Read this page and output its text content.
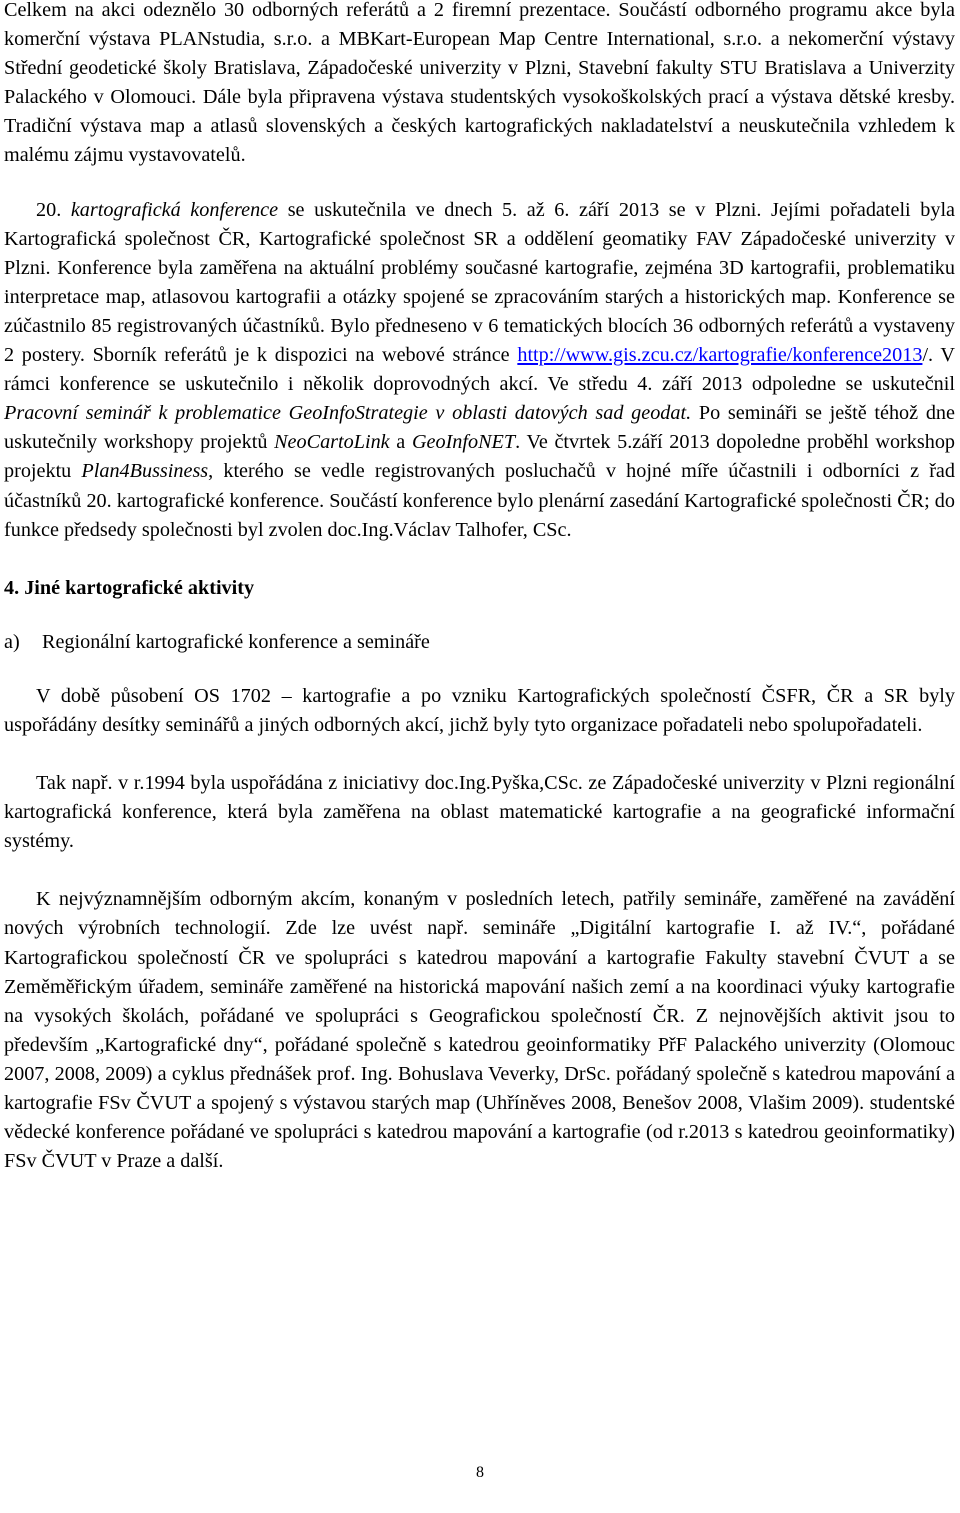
Celkem na akci odeznělo 30 odborných referátů a 2 firemní prezentace. Součástí odborného programu akce byla komerční výstava PLANstudia, s.r.o. a MBKart-European Map Centre International, s.r.o. a nekomerční výstavy Střední geodetické školy Bratislava, Západočeské univerzity v Plzni, Stavební fakulty STU Bratislava a Univerzity Palackého v Olomouci. Dále byla připravena výstava studentských vysokoškolských prací a výstava dětské kresby. Tradiční výstava map a atlasů slovenských a českých kartografických nakladatelství a neuskutečnila vzhledem k malému zájmu vystavovatelů.

20. kartografická konference se uskutečnila ve dnech 5. až 6. září 2013 se v Plzni. Jejími pořadateli byla Kartografická společnost ČR, Kartografické společnost SR a oddělení geomatiky FAV Západočeské univerzity v Plzni. Konference byla zaměřena na aktuální problémy současné kartografie, zejména 3D kartografii, problematiku interpretace map, atlasovou kartografii a otázky spojené se zpracováním starých a historických map. Konference se zúčastnilo 85 registrovaných účastníků. Bylo předneseno v 6 tematických blocích 36 odborných referátů a vystaveny 2 postery. Sborník referátů je k dispozici na webové stránce http://www.gis.zcu.cz/kartografie/konference2013/. V rámci konference se uskutečnilo i několik doprovodných akcí. Ve středu 4. září 2013 odpoledne se uskutečnil Pracovní seminář k problematice GeoInfoStrategie v oblasti datových sad geodat. Po semináři se ještě téhož dne uskutečnily workshopy projektů NeoCartoLink a GeoInfoNET. Ve čtvrtek 5.září 2013 dopoledne proběhl workshop projektu Plan4Bussiness, kterého se vedle registrovaných posluchačů v hojné míře účastnili i odborníci z řad účastníků 20. kartografické konference. Součástí konference bylo plenární zasedání Kartografické společnosti ČR; do funkce předsedy společnosti byl zvolen doc.Ing.Václav Talhofer, CSc.

4. Jiné kartografické aktivity
a) Regionální kartografické konference a semináře

V době působení OS 1702 – kartografie a po vzniku Kartografických společností ČSFR, ČR a SR byly uspořádány desítky seminářů a jiných odborných akcí, jichž byly tyto organizace pořadateli nebo spolupořadateli.

Tak např. v r.1994 byla uspořádána z iniciativy doc.Ing.Pyška,CSc. ze Západočeské univerzity v Plzni regionální kartografická konference, která byla zaměřena na oblast matematické kartografie a na geografické informační systémy.

K nejvýznamnějším odborným akcím, konaným v posledních letech, patřily semináře, zaměřené na zavádění nových výrobních technologií. Zde lze uvést např. semináře „Digitální kartografie I. až IV.“, pořádané Kartografickou společností ČR ve spolupráci s katedrou mapování a kartografie Fakulty stavební ČVUT a se Zeměměřickým úřadem, semináře zaměřené na historická mapování našich zemí a na koordinaci výuky kartografie na vysokých školách, pořádané ve spolupráci s Geografickou společností ČR. Z nejnovějších aktivit jsou to především „Kartografické dny“, pořádané společně s katedrou geoinformatiky PřF Palackého univerzity (Olomouc 2007, 2008, 2009) a cyklus přednášek prof. Ing. Bohuslava Veverky, DrSc. pořádaný společně s katedrou mapování a kartografie FSv ČVUT a spojený s výstavou starých map (Uhříněves 2008, Benešov 2008, Vlašim 2009). studentské vědecké konference pořádané ve spolupráci s katedrou mapování a kartografie (od r.2013 s katedrou geoinformatiky) FSv ČVUT v Praze a další.

8
